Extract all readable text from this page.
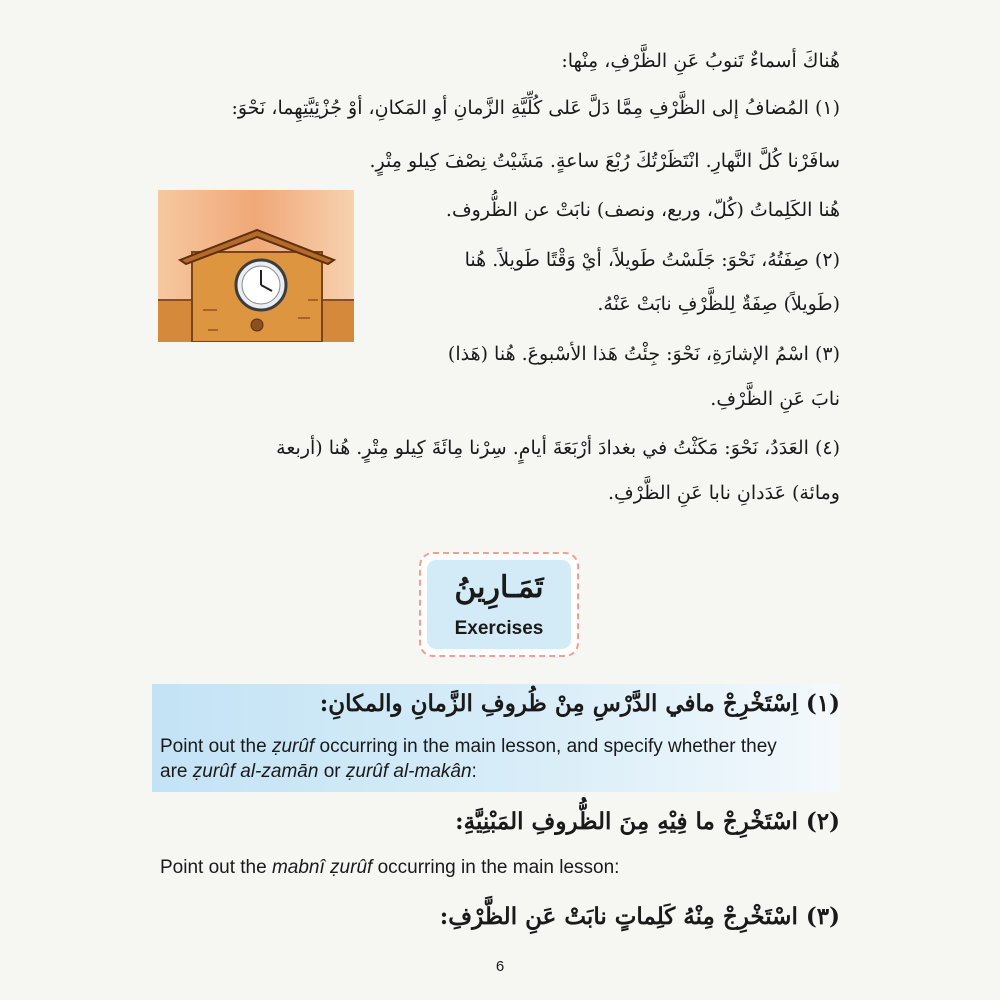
هُناكَ أسماءٌ تَنوبُ عَنِ الظَّرْفِ، مِنْها:
(١) المُضافُ إلى الظَّرْفِ مِمَّا دَلَّ عَلى كُلِّيَّةِ الزَّمانِ أوِ المَكانِ، أوْ جُزْئِيَّتِهِما، نَحْوَ:
سافَرْنا كُلَّ النَّهارِ. انْتَظَرْتُكَ رُبْعَ ساعةٍ. مَشَيْتُ نِصْفَ كِيلو مِتْرٍ.
هُنا الكَلِماتُ (كُلّ، وربع، ونصف) نابَتْ عن الظُّروف.
(٢) صِفَتُهُ، نَحْوَ: جَلَسْتُ طَويلاً، أيْ وَقْتًا طَويلاً. هُنا
(طَويلاً) صِفَةٌ لِلظَّرْفِ نابَتْ عَنْهُ.
(٣) اسْمُ الإشارَةِ، نَحْوَ: جِئْتُ هَذا الأسْبوعَ. هُنا (هَذا)
نابَ عَنِ الظَّرْفِ.
(٤) العَدَدُ، نَحْوَ: مَكَثْتُ في بغدادَ أرْبَعَةَ أيامٍ. سِرْنا مِائَةَ كِيلو مِتْرٍ. هُنا (أربعة
ومائة) عَدَدانِ نابا عَنِ الظَّرْفِ.
تَمَـارِينُ
Exercises
(١) اِسْتَخْرِجْ مافي الدَّرْسِ مِنْ ظُروفِ الزَّمانِ والمكانِ:
Point out the ẓurûf occurring in the main lesson, and specify whether they
are ẓurûf al-zamān or ẓurûf al-makân:
(٢) اسْتَخْرِجْ ما فِيْهِ مِنَ الظُّروفِ المَبْنِيَّةِ:
Point out the mabnî ẓurûf occurring in the main lesson:
(٣) اسْتَخْرِجْ مِنْهُ كَلِماتٍ نابَتْ عَنِ الظَّرْفِ:
6
